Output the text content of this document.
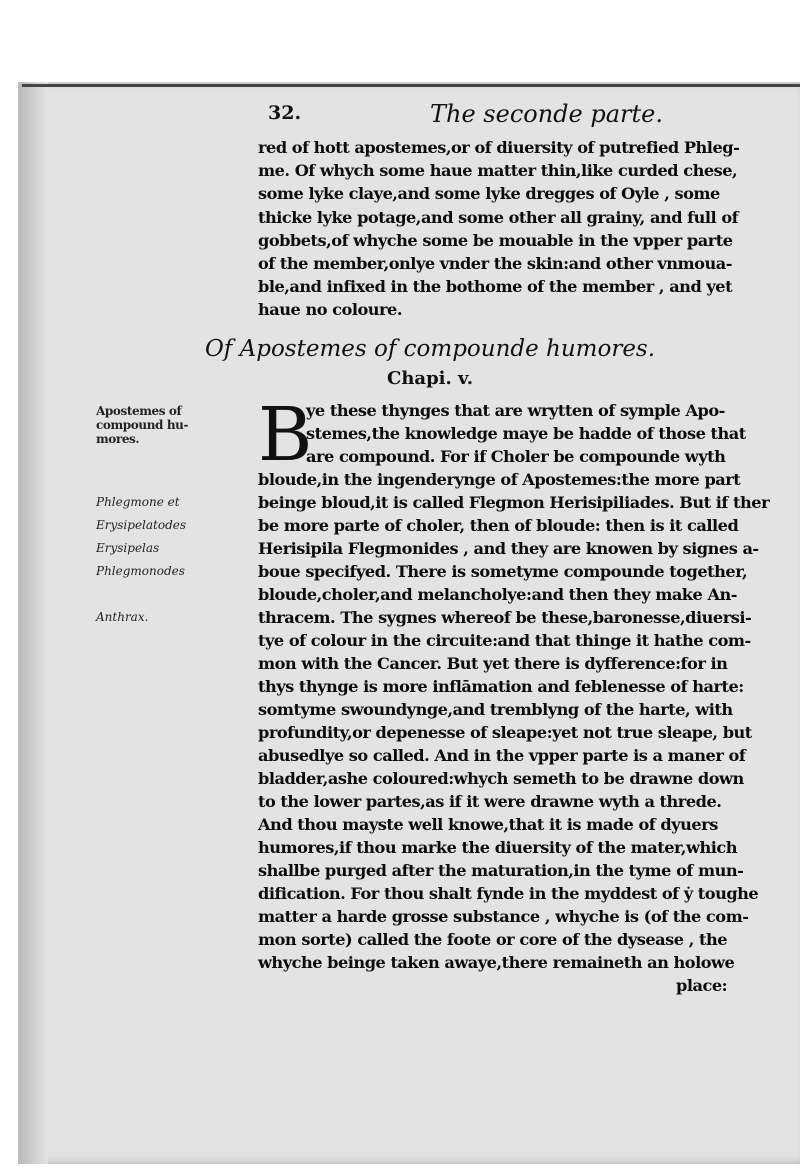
32.	The seconde parte.
red of hott apostemes,or of diuersity of putrefied Phleg-
me. Of whych some haue matter thin,like curded chese,
some lyke claye,and some lyke dregges of Oyle , some
thicke lyke potage,and some other all grainy, and full of
gobbets,of whyche some be mouable in the vpper parte
of the member,onlye vnder the skin:and other vnmoua-
ble,and infixed in the bothome of the member , and yet
haue no coloure.
Of Apostemes of compounde humores.
Chapi. v.
B
ye these thynges that are wrytten of symple Apo-
stemes,the knowledge maye be hadde of those that
are compound. For if Choler be compounde wyth
bloude,in the ingenderynge of Apostemes:the more part
beinge bloud,it is called Flegmon Herisipiliades. But if ther
be more parte of choler, then of bloude: then is it called
Herisipila Flegmonides , and they are knowen by signes a-
boue specifyed. There is sometyme compounde together,
bloude,choler,and melancholye:and then they make An-
thracem. The sygnes whereof be these,baronesse,diuersi-
tye of colour in the circuite:and that thinge it hathe com-
mon with the Cancer. But yet there is dyfference:for in
thys thynge is more inflāmation and feblenesse of harte:
somtyme swoundynge,and tremblyng of the harte, with
profundity,or depenesse of sleape:yet not true sleape, but
abusedlye so called. And in the vpper parte is a maner of
bladder,ashe coloured:whych semeth to be drawne down
to the lower partes,as if it were drawne wyth a threde.
And thou mayste well knowe,that it is made of dyuers
humores,if thou marke the diuersity of the mater,which
shallbe purged after the maturation,in the tyme of mun-
dification. For thou shalt fynde in the myddest of ẏ toughe
matter a harde grosse substance , whyche is (of the com-
mon sorte) called the foote or core of the dysease , the
whyche beinge taken awaye,there remaineth an holowe
place:
Apostemes of
compound hu-
mores.
Phlegmone et
Erysipelatodes
Erysipelas
Phlegmonodes
Anthrax.
